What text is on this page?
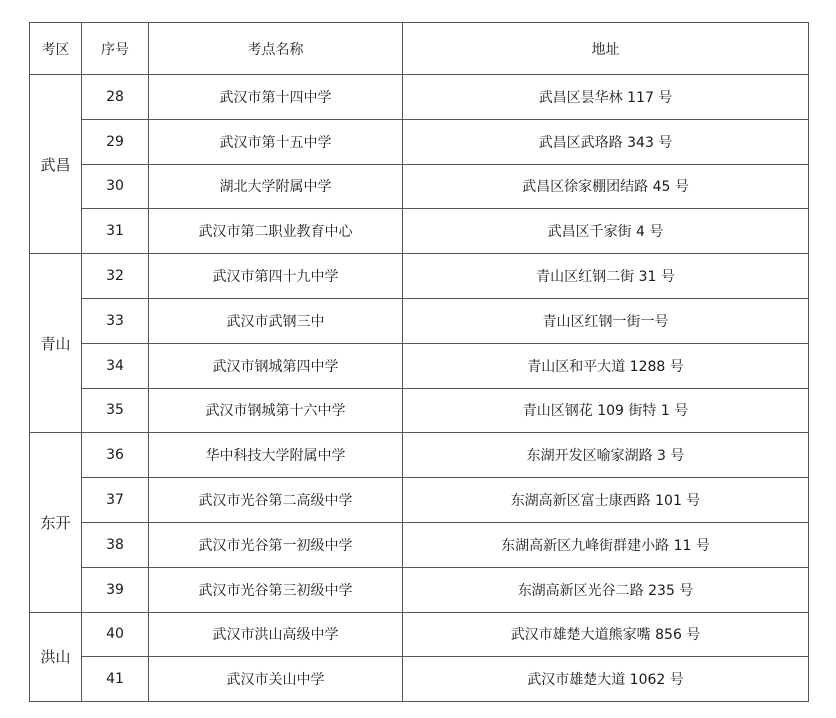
考区	序号	考点名称	地址
武昌	28	武汉市第十四中学	武昌区昙华林 117 号
	29	武汉市第十五中学	武昌区武珞路 343 号
	30	湖北大学附属中学	武昌区徐家棚团结路 45 号
	31	武汉市第二职业教育中心	武昌区千家街 4 号
青山	32	武汉市第四十九中学	青山区红钢二街 31 号
	33	武汉市武钢三中	青山区红钢一街一号
	34	武汉市钢城第四中学	青山区和平大道 1288 号
	35	武汉市钢城第十六中学	青山区钢花 109 街特 1 号
东开	36	华中科技大学附属中学	东湖开发区喻家湖路 3 号
	37	武汉市光谷第二高级中学	东湖高新区富士康西路 101 号
	38	武汉市光谷第一初级中学	东湖高新区九峰街群建小路 11 号
	39	武汉市光谷第三初级中学	东湖高新区光谷二路 235 号
洪山	40	武汉市洪山高级中学	武汉市雄楚大道熊家嘴 856 号
	41	武汉市关山中学	武汉市雄楚大道 1062 号
